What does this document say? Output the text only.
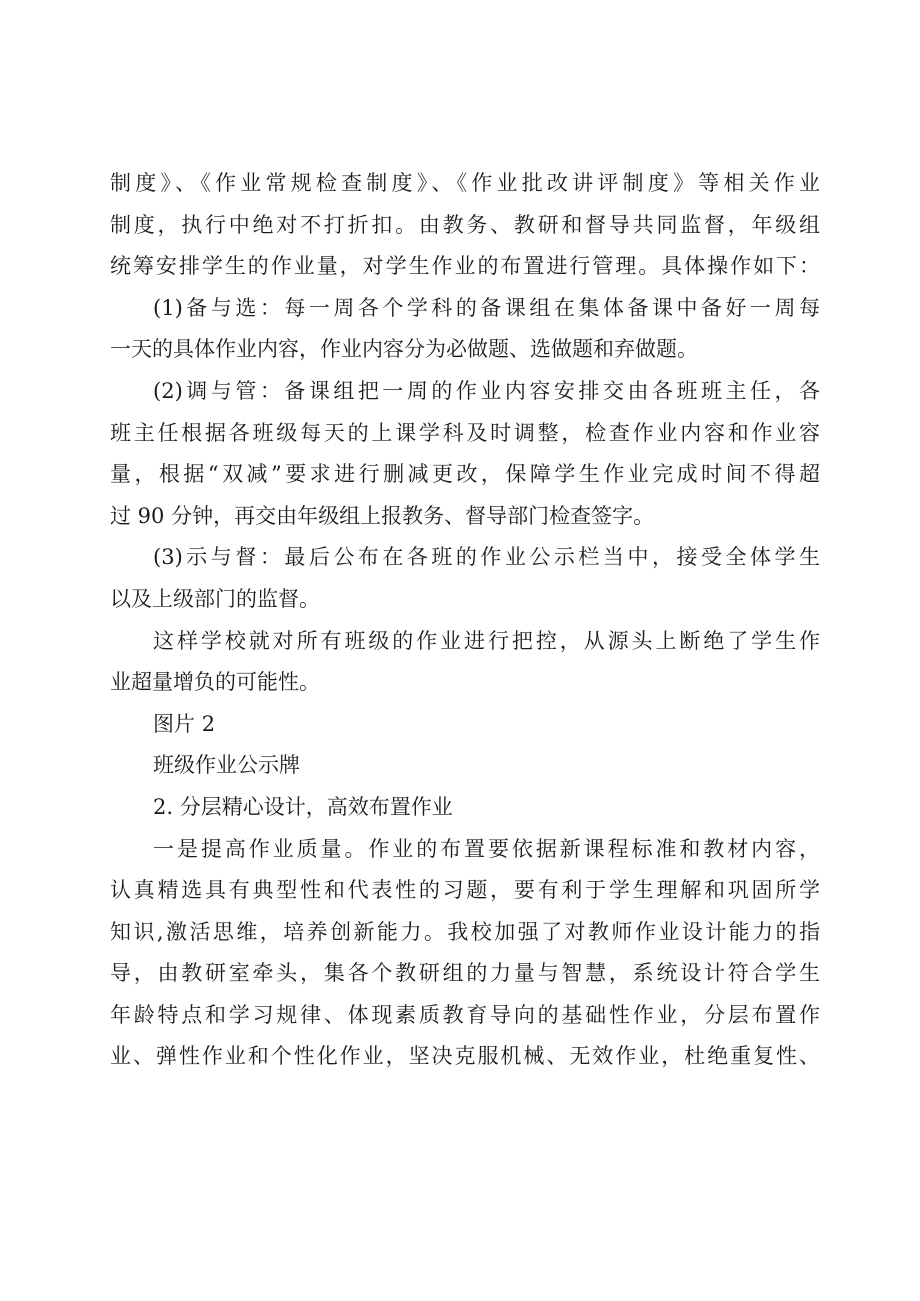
制度》、《作业常规检查制度》、《作业批改讲评制度》等相关作业
制度，执行中绝对不打折扣。由教务、教研和督导共同监督，年级组
统筹安排学生的作业量，对学生作业的布置进行管理。具体操作如下：
(1)备与选：每一周各个学科的备课组在集体备课中备好一周每
一天的具体作业内容，作业内容分为必做题、选做题和弃做题。
(2)调与管：备课组把一周的作业内容安排交由各班班主任，各
班主任根据各班级每天的上课学科及时调整，检查作业内容和作业容
量，根据“双减”要求进行删减更改，保障学生作业完成时间不得超
过 90 分钟，再交由年级组上报教务、督导部门检查签字。
(3)示与督：最后公布在各班的作业公示栏当中，接受全体学生
以及上级部门的监督。
这样学校就对所有班级的作业进行把控，从源头上断绝了学生作
业超量增负的可能性。
图片 2
班级作业公示牌
2. 分层精心设计，高效布置作业
一是提高作业质量。作业的布置要依据新课程标准和教材内容，
认真精选具有典型性和代表性的习题，要有利于学生理解和巩固所学
知识,激活思维，培养创新能力。我校加强了对教师作业设计能力的指
导，由教研室牵头，集各个教研组的力量与智慧，系统设计符合学生
年龄特点和学习规律、体现素质教育导向的基础性作业，分层布置作
业、弹性作业和个性化作业，坚决克服机械、无效作业，杜绝重复性、
